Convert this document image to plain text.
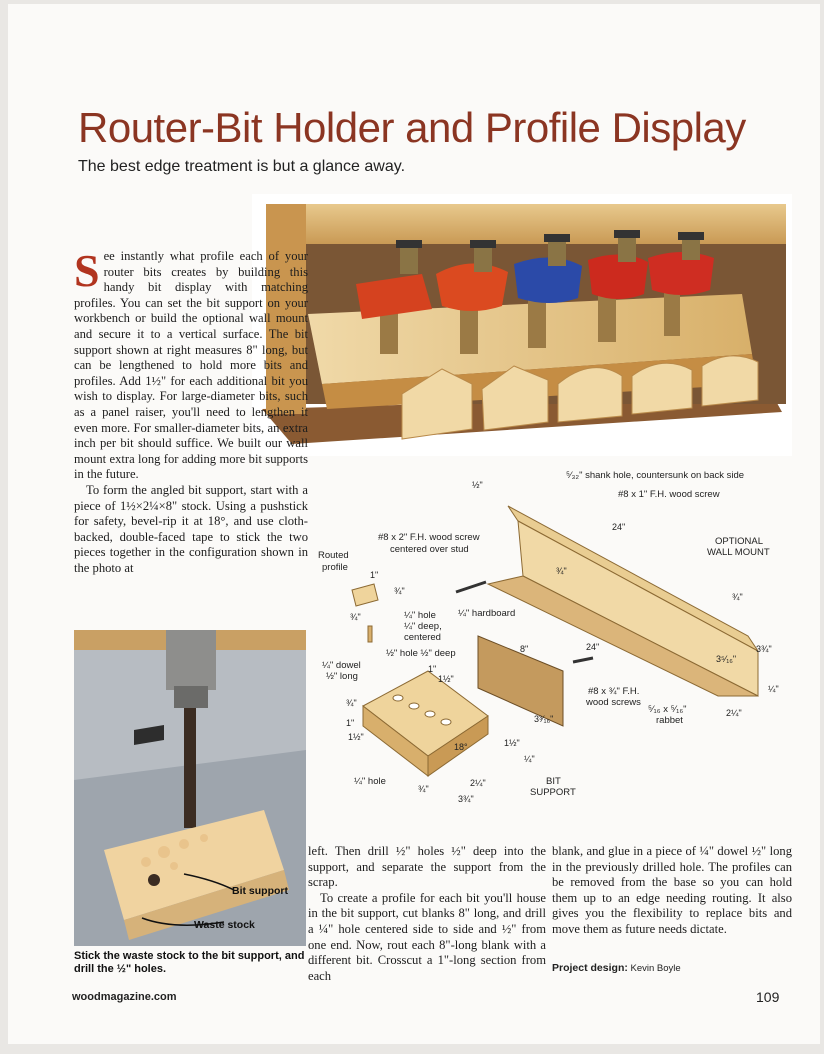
Router-Bit Holder and Profile Display
The best edge treatment is but a glance away.

See instantly what profile each of your router bits creates by building this handy bit display with matching profiles. You can set the bit support on your workbench or build the optional wall mount and secure it to a vertical surface. The bit support shown at right measures 8" long, but can be lengthened to hold more bits and profiles. Add 1½" for each additional bit you wish to display. For large-diameter bits, such as a panel raiser, you'll need to lengthen it even more. For smaller-diameter bits, an extra inch per bit should suffice. We built our wall mount extra long for adding more bit supports in the future.

To form the angled bit support, start with a piece of 1½×2¼×8" stock. Using a pushstick for safety, bevel-rip it at 18°, and use cloth-backed, double-faced tape to stick the two pieces together in the configuration shown in the photo at

Bit support
Waste stock
Stick the waste stock to the bit support, and drill the ½" holes.
Routed
profile
#8 x 2" F.H. wood screw
centered over stud
⁵⁄₃₂" shank hole, countersunk on back side
#8 x 1" F.H. wood screw
OPTIONAL
WALL MOUNT
¼" hole
¼" deep,
centered
¼" hardboard
½" hole ½" deep
¼" dowel
½" long
#8 x ¾" F.H.
wood screws
⁵⁄₁₆ x ⁵⁄₁₆"
rabbet
¼" hole	BIT
SUPPORT
½"
24"
¾"
1"
¾"
¾"
8"	24"
1"
1½"
¾"
1"
1½"
18°
3³⁄₁₆"
1½"
¼"
2¼"
3¾"
¾"
3¾"
3⁵⁄₁₆"
¼"
2¼"
¾"

left. Then drill ½" holes ½" deep into the support, and separate the support from the scrap.

To create a profile for each bit you'll house in the bit support, cut blanks 8" long, and drill a ¼" hole centered side to side and ½" from one end. Now, rout each 8"-long blank with a different bit. Crosscut a 1"-long section from each

blank, and glue in a piece of ¼" dowel ½" long in the previously drilled hole. The profiles can be removed from the base so you can hold them up to an edge needing routing. It also gives you the flexibility to replace bits and move them as future needs dictate.

Project design: Kevin Boyle
woodmagazine.com	109
